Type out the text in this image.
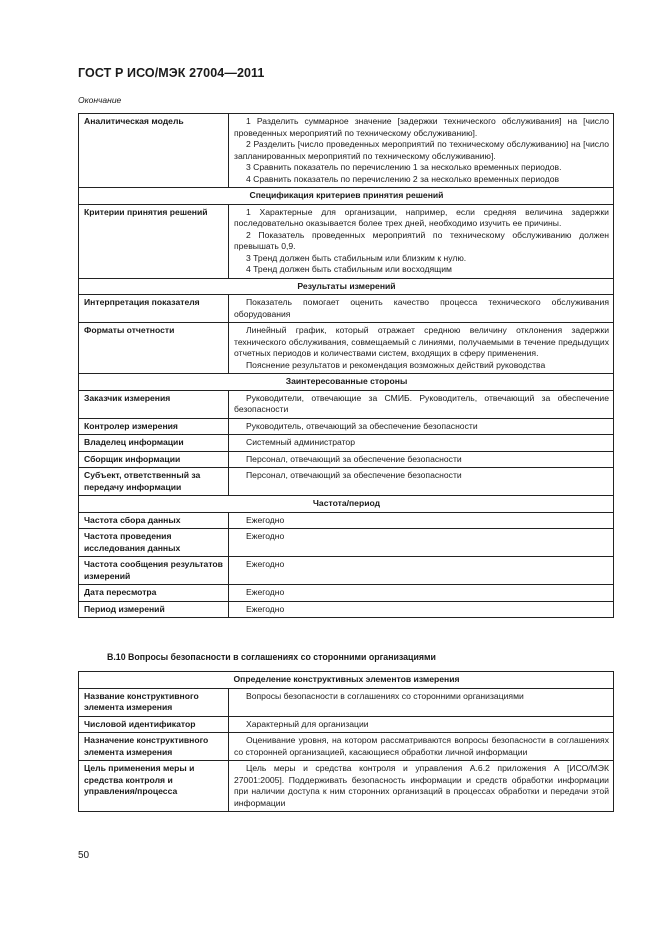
ГОСТ Р ИСО/МЭК 27004—2011
Окончание
Аналитическая модель	1 Разделить суммарное значение [задержки технического обслуживания] на [число проведенных мероприятий по техническому обслуживанию].
2 Разделить [число проведенных мероприятий по техническому обслуживанию] на [число запланированных мероприятий по техническому обслуживанию].
3 Сравнить показатель по перечислению 1 за несколько временных периодов.
4 Сравнить показатель по перечислению 2 за несколько временных периодов

Спецификация критериев принятия решений	
Критерии принятия решений	1 Характерные для организации, например, если средняя величина задержки последовательно оказывается более трех дней, необходимо изучить ее причины.
2 Показатель проведенных мероприятий по техническому обслуживанию должен превышать 0,9.
3 Тренд должен быть стабильным или близким к нулю.
4 Тренд должен быть стабильным или восходящим

Результаты измерений	
Интерпретация показателя	Показатель помогает оценить качество процесса технического обслуживания оборудования

Форматы отчетности	Линейный график, который отражает среднюю величину отклонения задержки технического обслуживания, совмещаемый с линиями, получаемыми в течение предыдущих отчетных периодов и количествами систем, входящих в сферу применения.
Пояснение результатов и рекомендация возможных действий руководства

Заинтересованные стороны	
Заказчик измерения	Руководители, отвечающие за СМИБ. Руководитель, отвечающий за обеспечение безопасности

Контролер измерения	Руководитель, отвечающий за обеспечение безопасности

Владелец информации	Системный администратор

Сборщик информации	Персонал, отвечающий за обеспечение безопасности

Субъект, ответственный за передачу информации	Персонал, отвечающий за обеспечение безопасности

Частота/период	
Частота сбора данных	Ежегодно

Частота проведения исследования данных	Ежегодно

Частота сообщения результатов измерений	Ежегодно

Дата пересмотра	Ежегодно

Период измерений	Ежегодно
В.10 Вопросы безопасности в соглашениях со сторонними организациями
Определение конструктивных элементов измерения	
Название конструктивного элемента измерения	Вопросы безопасности в соглашениях со сторонними организациями

Числовой идентификатор	Характерный для организации

Назначение конструктивного элемента измерения	Оценивание уровня, на котором рассматриваются вопросы безопасности в соглашениях со сторонней организацией, касающиеся обработки личной информации

Цель применения меры и средства контроля и управления/процесса	Цель меры и средства контроля и управления А.6.2 приложения А [ИСО/МЭК 27001:2005]. Поддерживать безопасность информации и средств обработки информации при наличии доступа к ним сторонних организаций в процессах обработки и передачи этой информации
50
